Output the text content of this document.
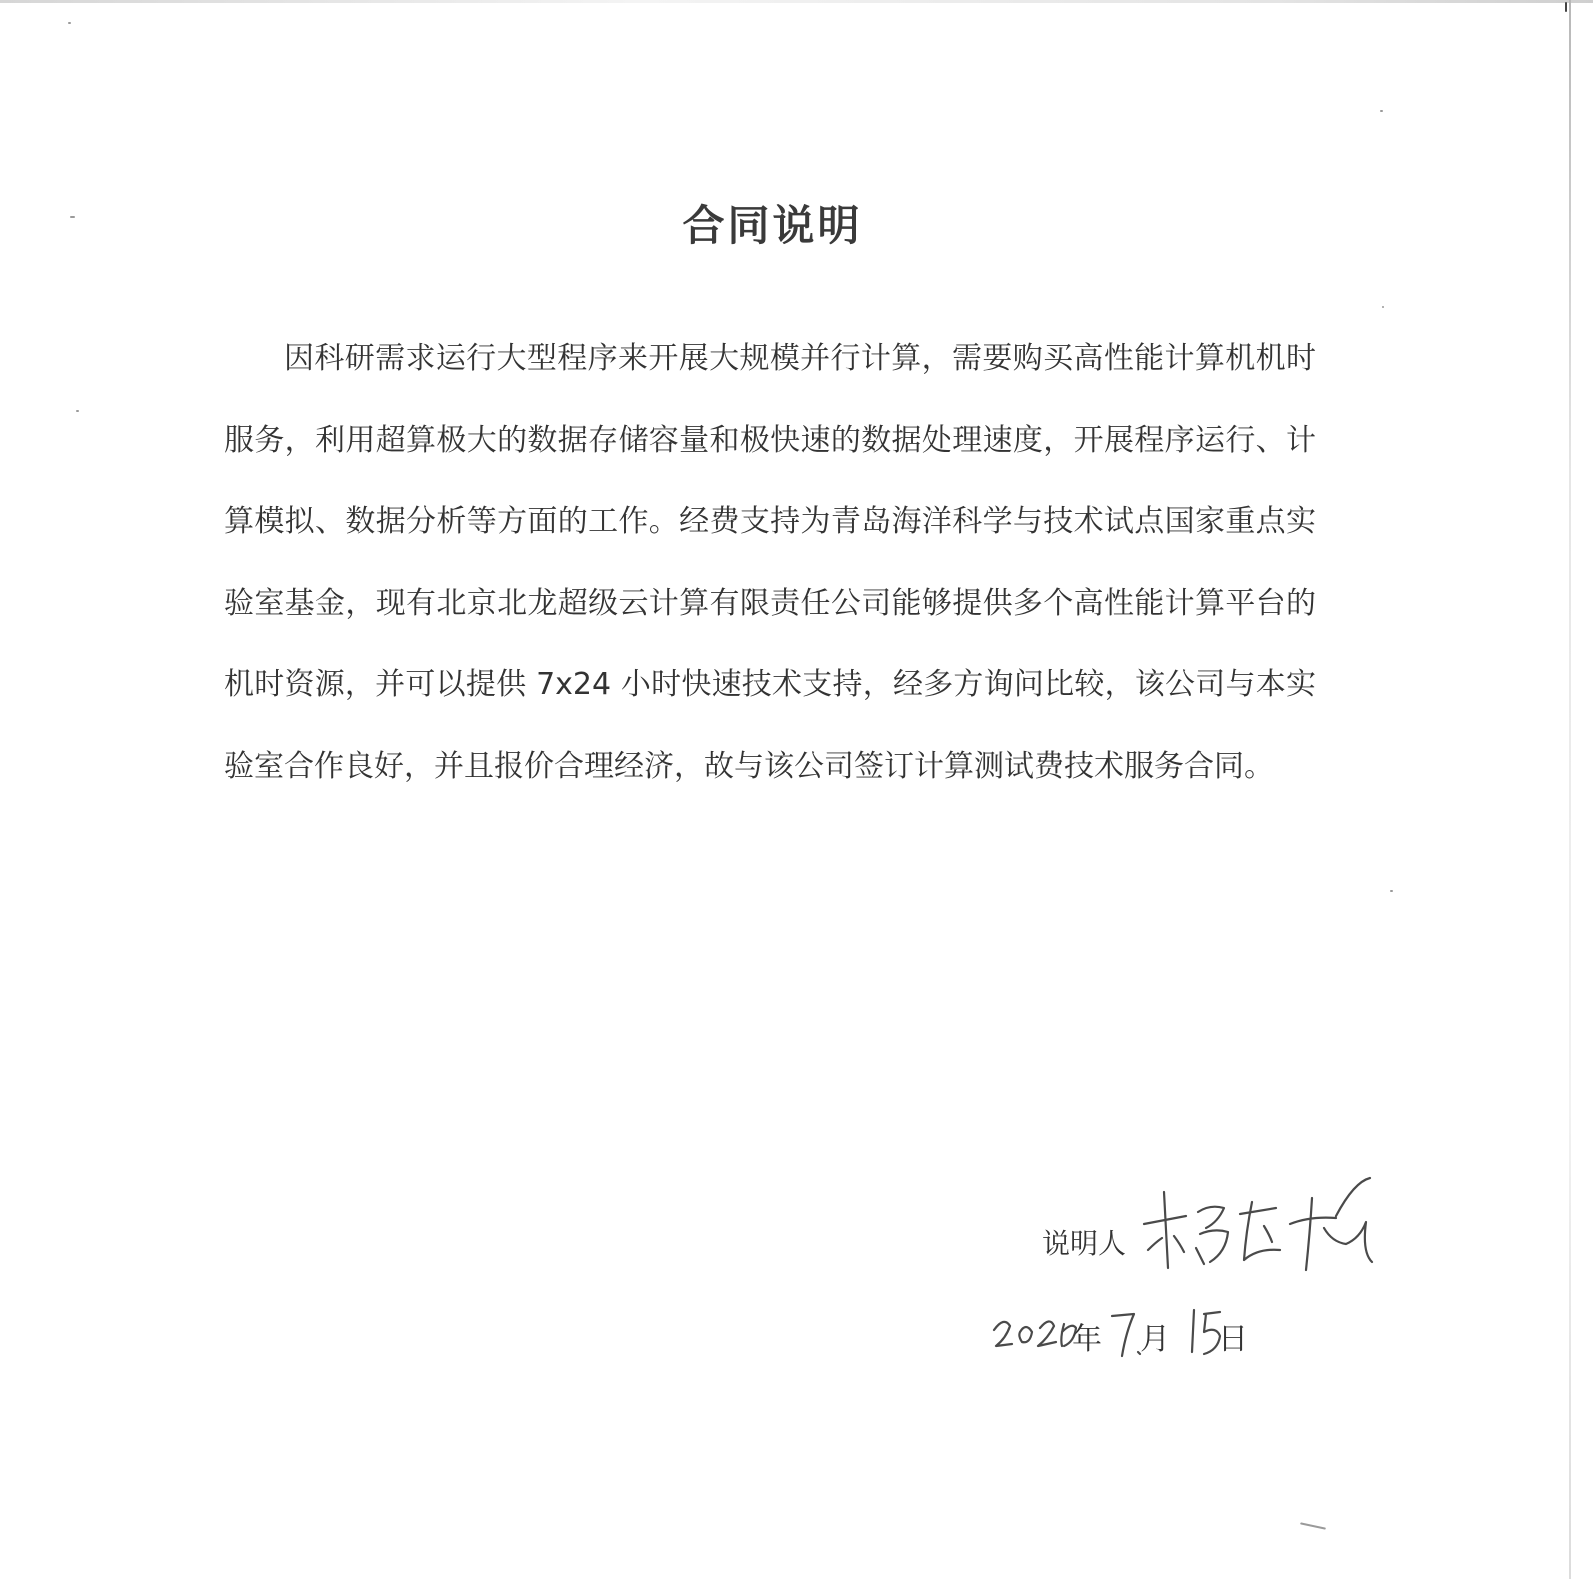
合同说明

因科研需求运行大型程序来开展大规模并行计算，需要购买高性能计算机机时服务，利用超算极大的数据存储容量和极快速的数据处理速度，开展程序运行、计算模拟、数据分析等方面的工作。经费支持为青岛海洋科学与技术试点国家重点实验室基金，现有北京北龙超级云计算有限责任公司能够提供多个高性能计算平台的机时资源，并可以提供 7x24 小时快速技术支持，经多方询问比较，该公司与本实验室合作良好，并且报价合理经济，故与该公司签订计算测试费技术服务合同。

说明人
年 月 日
